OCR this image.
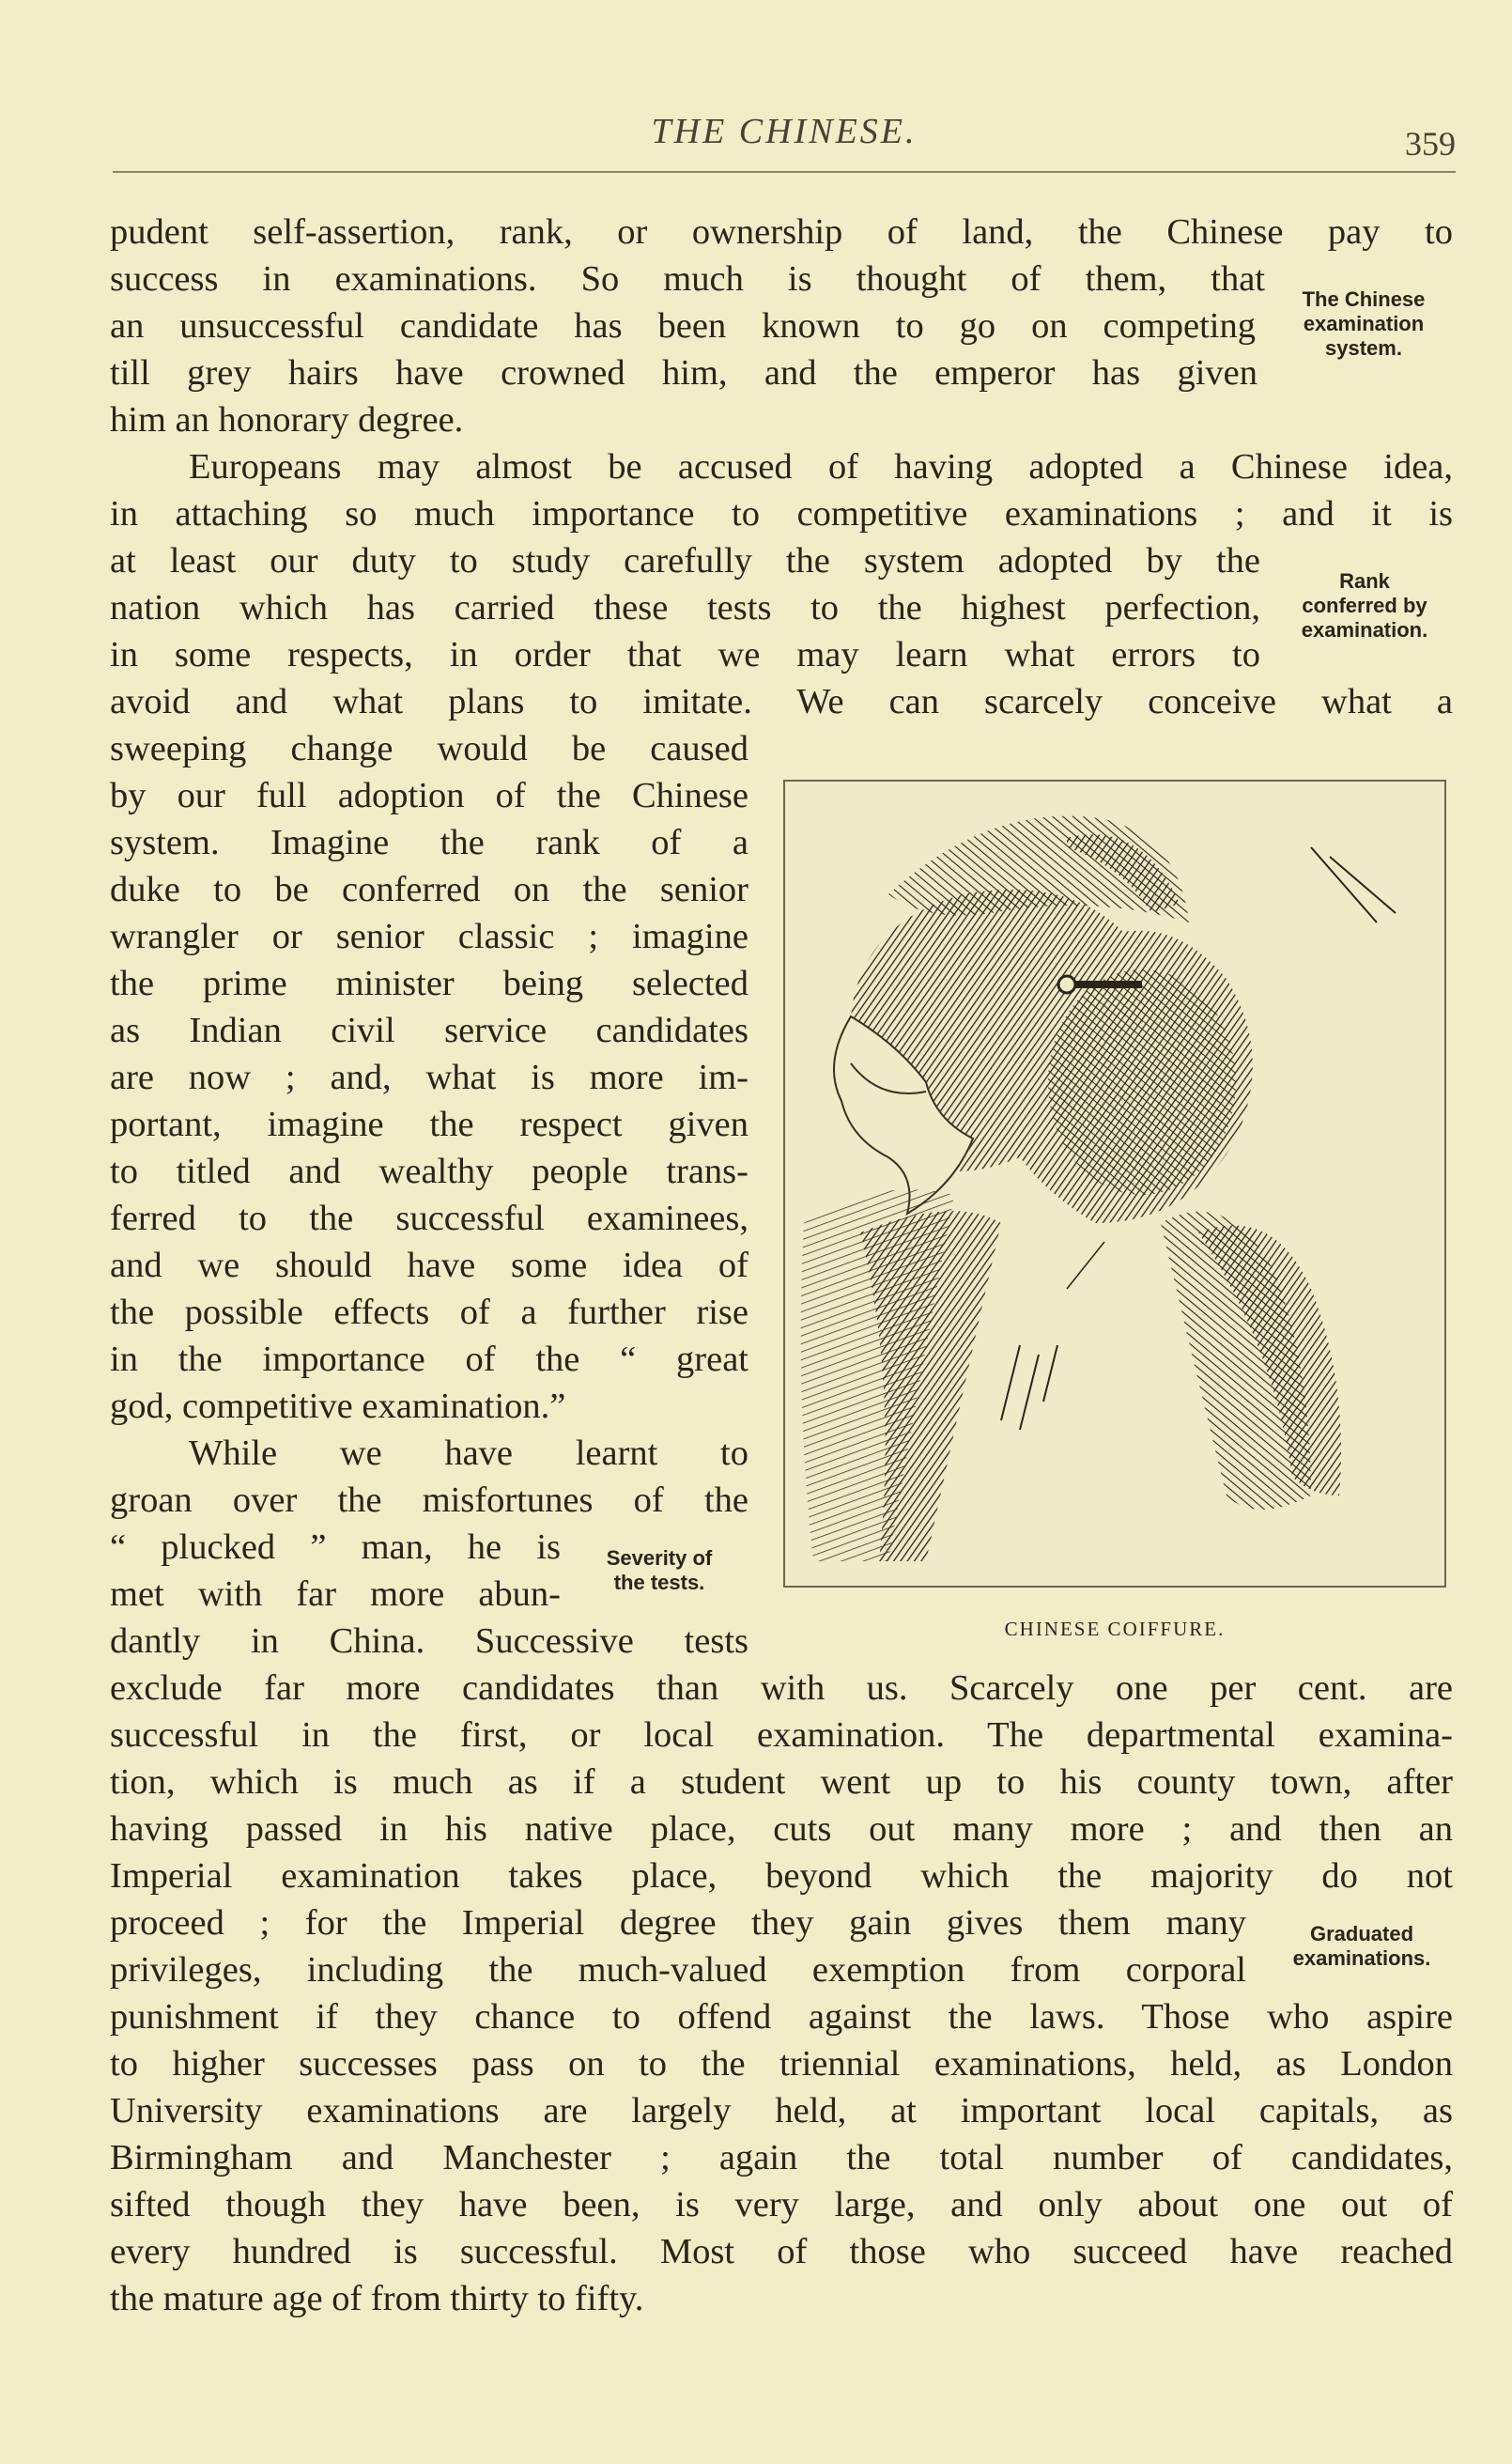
THE CHINESE.	359
pudent self-assertion, rank, or ownership of land, the Chinese pay to
success in examinations. So much is thought of them, that
an unsuccessful candidate has been known to go on competing
till grey hairs have crowned him, and the emperor has given
him an honorary degree.
Europeans may almost be accused of having adopted a Chinese idea,
in attaching so much importance to competitive examinations ; and it is
at least our duty to study carefully the system adopted by the
nation which has carried these tests to the highest perfection,
in some respects, in order that we may learn what errors to
avoid and what plans to imitate. We can scarcely conceive what a
sweeping change would be caused
by our full adoption of the Chinese
system. Imagine the rank of a
duke to be conferred on the senior
wrangler or senior classic ; imagine
the prime minister being selected
as Indian civil service candidates
are now ; and, what is more im-
portant, imagine the respect given
to titled and wealthy people trans-
ferred to the successful examinees,
and we should have some idea of
the possible effects of a further rise
in the importance of the “ great
god, competitive examination.”
While we have learnt to
groan over the misfortunes of the
“ plucked ” man, he is
met with far more abun-
dantly in China. Successive tests
exclude far more candidates than with us. Scarcely one per cent. are
successful in the first, or local examination. The departmental examina-
tion, which is much as if a student went up to his county town, after
having passed in his native place, cuts out many more ; and then an
Imperial examination takes place, beyond which the majority do not
proceed ; for the Imperial degree they gain gives them many
privileges, including the much-valued exemption from corporal
punishment if they chance to offend against the laws. Those who aspire
to higher successes pass on to the triennial examinations, held, as London
University examinations are largely held, at important local capitals, as
Birmingham and Manchester ; again the total number of candidates,
sifted though they have been, is very large, and only about one out of
every hundred is successful. Most of those who succeed have reached
the mature age of from thirty to fifty.
The Chinese
examination
system.
Rank
conferred by
examination.
Severity of
the tests.
Graduated
examinations.
CHINESE COIFFURE.
